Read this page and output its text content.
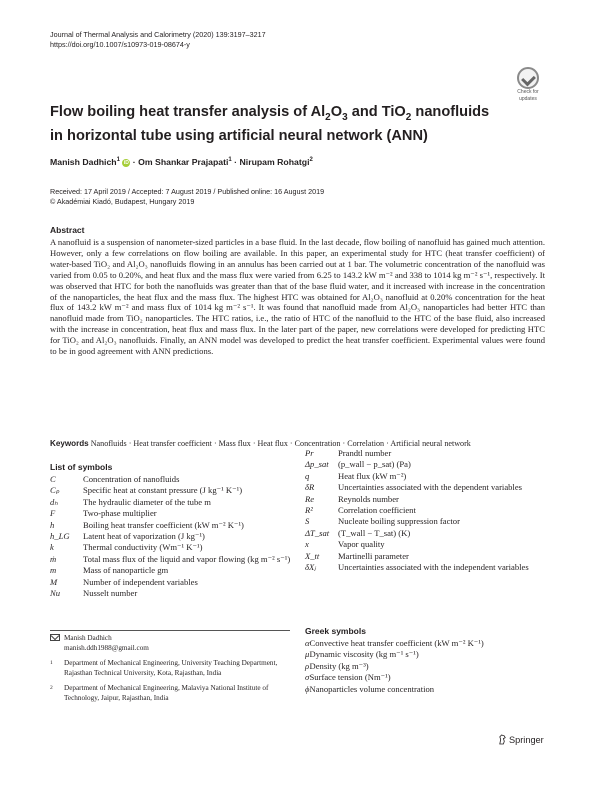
Journal of Thermal Analysis and Calorimetry (2020) 139:3197–3217
https://doi.org/10.1007/s10973-019-08674-y
Check for
updates
Flow boiling heat transfer analysis of $Al_2O_3$ and TiO$_2$ nanofluids
in horizontal tube using artificial neural network (ANN)
Manish Dadhich$^1$ iD · Om Shankar Prajapati$^1$ · Nirupam Rohatgi$^2$
Received: 17 April 2019 / Accepted: 7 August 2019 / Published online: 16 August 2019
© Akadémiai Kiadó, Budapest, Hungary 2019
Abstract
A nanofluid is a suspension of nanometer-sized particles in a base fluid. In the last decade, flow boiling of nanofluid has gained much attention. However, only a few correlations on flow boiling are available. In this paper, an experimental study for HTC (heat transfer coefficient) of water-based TiO₂ and Al₂O₃ nanofluids flowing in an annulus has been carried out at 1 bar. The volumetric concentration of the nanofluid was varied from 0.05 to 0.20%, and heat flux and the mass flux were varied from 6.25 to 143.2 kW m⁻² and 338 to 1014 kg m⁻² s⁻¹, respectively. It was observed that HTC for both the nanofluids was greater than that of the base fluid water, and it increased with increase in the concentration of the nanoparticles, the heat flux and the mass flux. The highest HTC was obtained for Al₂O₃ nanofluid at 0.20% concentration for the heat flux of 143.2 kW m⁻² and mass flux of 1014 kg m⁻² s⁻¹. It was found that nanofluid made from Al₂O₃ nanoparticles had better HTC than nanofluid made from TiO₂ nanoparticles. The HTC ratios, i.e., the ratio of HTC of the nanofluid to the HTC of the base fluid, also increased with the increase in concentration, heat flux and mass flux. In the later part of the paper, new correlations were developed for predicting HTC for TiO₂ and Al₂O₃ nanofluids. Finally, an ANN model was developed to predict the heat transfer coefficient. Experimental values were found to be in good agreement with ANN predictions.
Keywords Nanofluids · Heat transfer coefficient · Mass flux · Heat flux · Concentration · Correlation · Artificial neural network
List of symbols
C	Concentration of nanofluids
Cₚ	Specific heat at constant pressure (J kg⁻¹ K⁻¹)
dₕ	The hydraulic diameter of the tube m
F	Two-phase multiplier
h	Boiling heat transfer coefficient (kW m⁻² K⁻¹)
h_LG	Latent heat of vaporization (J kg⁻¹)
k	Thermal conductivity (Wm⁻¹ K⁻¹)
ṁ	Total mass flux of the liquid and vapor flowing (kg m⁻² s⁻¹)
m	Mass of nanoparticle gm
M	Number of independent variables
Nu	Nusselt number
Pr	Prandtl number
Δp_sat	(p_wall − p_sat) (Pa)
q	Heat flux (kW m⁻²)
δR	Uncertainties associated with the dependent variables
Re	Reynolds number
R²	Correlation coefficient
S	Nucleate boiling suppression factor
ΔT_sat	(T_wall − T_sat) (K)
x	Vapor quality
X_tt	Martinelli parameter
δXⱼ	Uncertainties associated with the independent variables
Greek symbols
α	Convective heat transfer coefficient (kW m⁻² K⁻¹)
μ	Dynamic viscosity (kg m⁻¹ s⁻¹)
ρ	Density (kg m⁻³)
σ	Surface tension (Nm⁻¹)
ϕ	Nanoparticles volume concentration
Manish Dadhich
manish.ddh1988@gmail.com
1	Department of Mechanical Engineering, University Teaching Department, Rajasthan Technical University, Kota, Rajasthan, India
2	Department of Mechanical Engineering, Malaviya National Institute of Technology, Jaipur, Rajasthan, India
Springer
